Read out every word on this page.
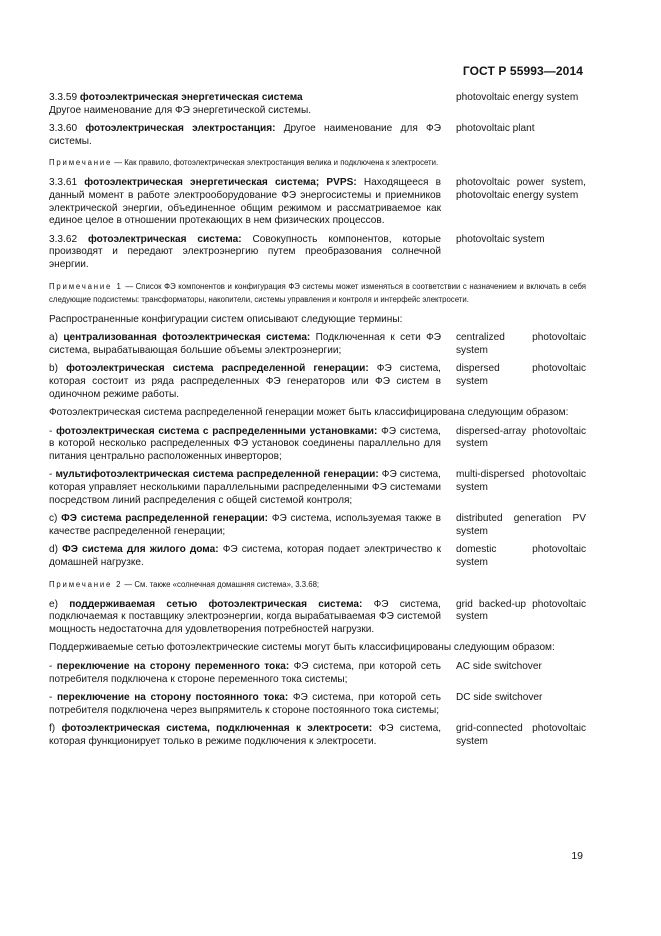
ГОСТ Р 55993—2014
3.3.59 фотоэлектрическая энергетическая система
Другое наименование для ФЭ энергетической системы.
photovoltaic energy system
3.3.60 фотоэлектрическая электростанция: Другое наименование для ФЭ системы.
photovoltaic plant
Примечание — Как правило, фотоэлектрическая электростанция велика и подключена к электросети.
3.3.61 фотоэлектрическая энергетическая система; PVPS: Находящееся в данный момент в работе электрооборудование ФЭ энергосистемы и приемников электрической энергии, объединенное общим режимом и рассматриваемое как единое целое в отношении протекающих в нем физических процессов.
photovoltaic power system, photovoltaic energy system
3.3.62 фотоэлектрическая система: Совокупность компонентов, которые производят и передают электроэнергию путем преобразования солнечной энергии.
photovoltaic system
Примечание 1 — Список ФЭ компонентов и конфигурация ФЭ системы может изменяться в соответствии с назначением и включать в себя следующие подсистемы: трансформаторы, накопители, системы управления и контроля и интерфейс электросети.
Распространенные конфигурации систем описывают следующие термины:
a) централизованная фотоэлектрическая система: Подключенная к сети ФЭ система, вырабатывающая большие объемы электроэнергии;
centralized photovoltaic system
b) фотоэлектрическая система распределенной генерации: ФЭ система, которая состоит из ряда распределенных ФЭ генераторов или ФЭ систем в одиночном режиме работы.
dispersed photovoltaic system
Фотоэлектрическая система распределенной генерации может быть классифицирована следующим образом:
- фотоэлектрическая система с распределенными установками: ФЭ система, в которой несколько распределенных ФЭ установок соединены параллельно для питания центрально расположенных инверторов;
dispersed-array photovoltaic system
- мультифотоэлектрическая система распределенной генерации: ФЭ система, которая управляет несколькими параллельными распределенными ФЭ системами посредством линий распределения с общей системой контроля;
multi-dispersed photovoltaic system
c) ФЭ система распределенной генерации: ФЭ система, используемая также в качестве распределенной генерации;
distributed generation PV system
d) ФЭ система для жилого дома: ФЭ система, которая подает электричество к домашней нагрузке.
domestic photovoltaic system
Примечание 2 — См. также «солнечная домашняя система», 3.3.68;
e) поддерживаемая сетью фотоэлектрическая система: ФЭ система, подключаемая к поставщику электроэнергии, когда вырабатываемая ФЭ системой мощность недостаточна для удовлетворения потребностей нагрузки.
grid backed-up photovoltaic system
Поддерживаемые сетью фотоэлектрические системы могут быть классифицированы следующим образом:
- переключение на сторону переменного тока: ФЭ система, при которой сеть потребителя подключена к стороне переменного тока системы;
AC side switchover
- переключение на сторону постоянного тока: ФЭ система, при которой сеть потребителя подключена через выпрямитель к стороне постоянного тока системы;
DC side switchover
f) фотоэлектрическая система, подключенная к электросети: ФЭ система, которая функционирует только в режиме подключения к электросети.
grid-connected photovoltaic system
19
